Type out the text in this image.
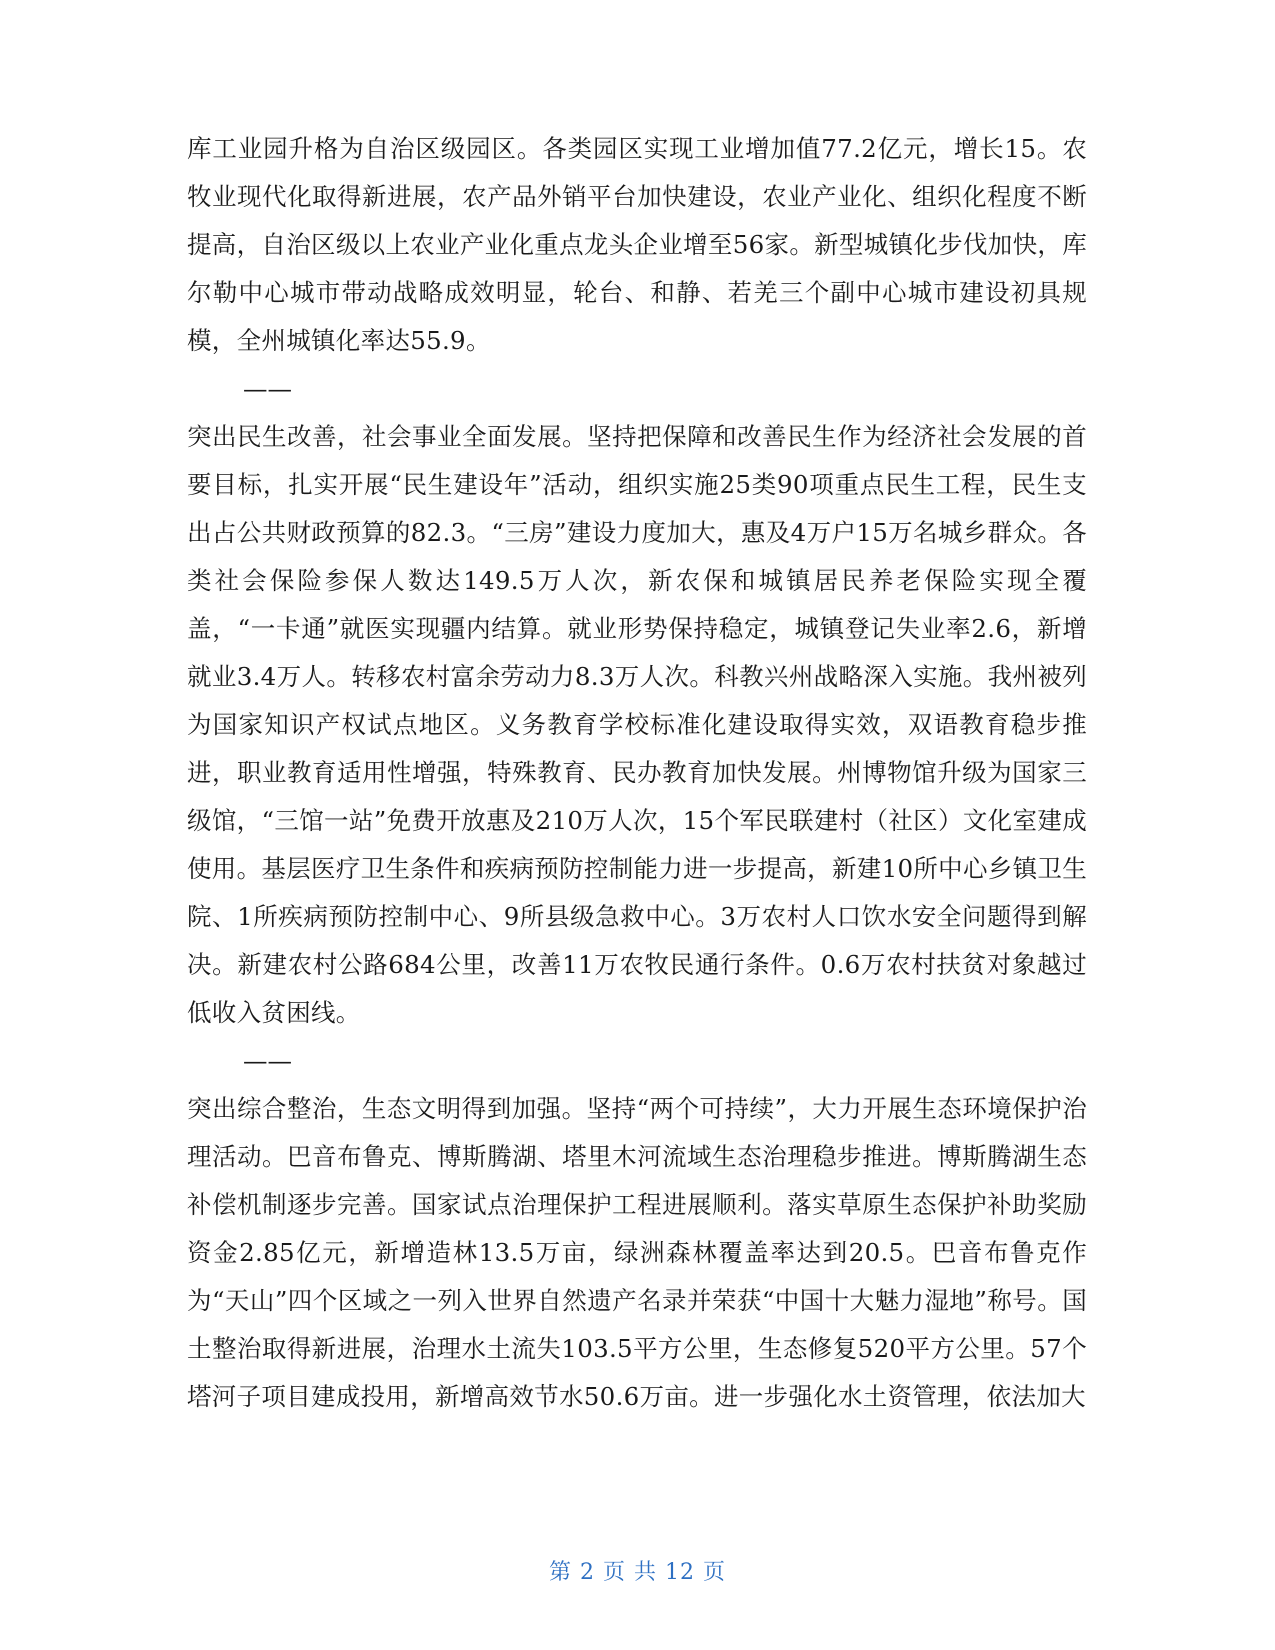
库工业园升格为自治区级园区。各类园区实现工业增加值77.2亿元，增长15。农牧业现代化取得新进展，农产品外销平台加快建设，农业产业化、组织化程度不断提高，自治区级以上农业产业化重点龙头企业增至56家。新型城镇化步伐加快，库尔勒中心城市带动战略成效明显，轮台、和静、若羌三个副中心城市建设初具规模，全州城镇化率达55.9。

——

突出民生改善，社会事业全面发展。坚持把保障和改善民生作为经济社会发展的首要目标，扎实开展“民生建设年”活动，组织实施25类90项重点民生工程，民生支出占公共财政预算的82.3。“三房”建设力度加大，惠及4万户15万名城乡群众。各类社会保险参保人数达149.5万人次，新农保和城镇居民养老保险实现全覆盖，“一卡通”就医实现疆内结算。就业形势保持稳定，城镇登记失业率2.6，新增就业3.4万人。转移农村富余劳动力8.3万人次。科教兴州战略深入实施。我州被列为国家知识产权试点地区。义务教育学校标准化建设取得实效，双语教育稳步推进，职业教育适用性增强，特殊教育、民办教育加快发展。州博物馆升级为国家三级馆，“三馆一站”免费开放惠及210万人次，15个军民联建村（社区）文化室建成使用。基层医疗卫生条件和疾病预防控制能力进一步提高，新建10所中心乡镇卫生院、1所疾病预防控制中心、9所县级急救中心。3万农村人口饮水安全问题得到解决。新建农村公路684公里，改善11万农牧民通行条件。0.6万农村扶贫对象越过低收入贫困线。

——

突出综合整治，生态文明得到加强。坚持“两个可持续”，大力开展生态环境保护治理活动。巴音布鲁克、博斯腾湖、塔里木河流域生态治理稳步推进。博斯腾湖生态补偿机制逐步完善。国家试点治理保护工程进展顺利。落实草原生态保护补助奖励资金2.85亿元，新增造林13.5万亩，绿洲森林覆盖率达到20.5。巴音布鲁克作为“天山”四个区域之一列入世界自然遗产名录并荣获“中国十大魅力湿地”称号。国土整治取得新进展，治理水土流失103.5平方公里，生态修复520平方公里。57个塔河子项目建成投用，新增高效节水50.6万亩。进一步强化水土资管理，依法加大

第 2 页 共 12 页
